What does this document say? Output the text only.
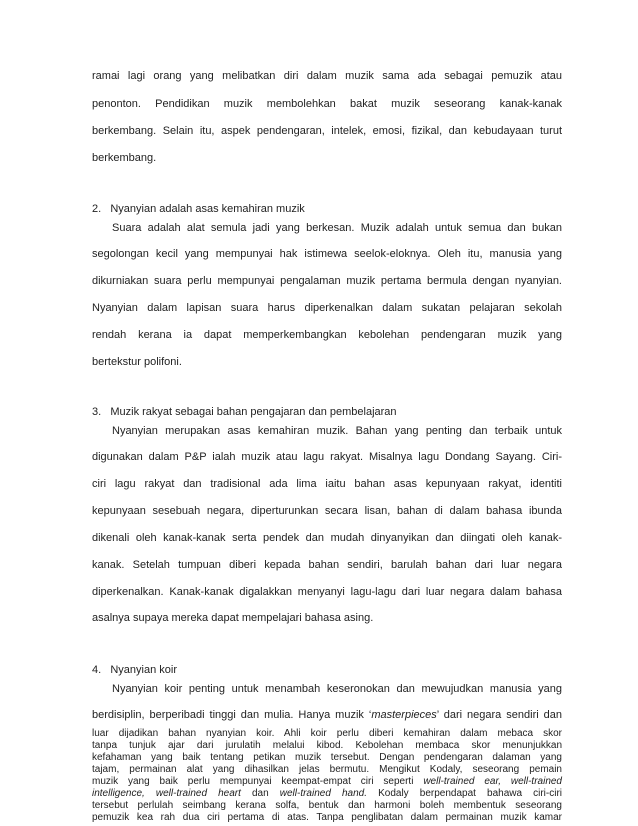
ramai lagi orang yang melibatkan diri dalam muzik sama ada sebagai pemuzik atau
penonton. Pendidikan muzik membolehkan bakat muzik seseorang kanak-kanak
berkembang. Selain itu, aspek pendengaran, intelek, emosi, fizikal, dan kebudayaan turut
berkembang.
2.   Nyanyian adalah asas kemahiran muzik
Suara adalah alat semula jadi yang berkesan. Muzik adalah untuk semua dan bukan
segolongan kecil yang mempunyai hak istimewa seelok-eloknya. Oleh itu, manusia yang
dikurniakan suara perlu mempunyai pengalaman muzik pertama bermula dengan nyanyian.
Nyanyian dalam lapisan suara harus diperkenalkan dalam sukatan pelajaran sekolah
rendah kerana ia dapat memperkembangkan kebolehan pendengaran muzik yang
bertekstur polifoni.
3.   Muzik rakyat sebagai bahan pengajaran dan pembelajaran
Nyanyian merupakan asas kemahiran muzik. Bahan yang penting dan terbaik untuk
digunakan dalam P&P ialah muzik atau lagu rakyat. Misalnya lagu Dondang Sayang. Ciri-
ciri lagu rakyat dan tradisional ada lima iaitu bahan asas kepunyaan rakyat, identiti
kepunyaan sesebuah negara, diperturunkan secara lisan, bahan di dalam bahasa ibunda
dikenali oleh kanak-kanak serta pendek dan mudah dinyanyikan dan diingati oleh kanak-
kanak. Setelah tumpuan diberi kepada bahan sendiri, barulah bahan dari luar negara
diperkenalkan. Kanak-kanak digalakkan menyanyi lagu-lagu dari luar negara dalam bahasa
asalnya supaya mereka dapat mempelajari bahasa asing.
4.   Nyanyian koir
Nyanyian koir penting untuk menambah keseronokan dan mewujudkan manusia yang
berdisiplin, berperibadi tinggi dan mulia. Hanya muzik ‘masterpieces’ dari negara sendiri dan
luar dijadikan bahan nyanyian koir. Ahli koir perlu diberi kemahiran dalam mebaca skor
tanpa tunjuk ajar dari jurulatih melalui kibod. Kebolehan membaca skor menunjukkan
kefahaman yang baik tentang petikan muzik tersebut. Dengan pendengaran dalaman yang
tajam, permainan alat yang dihasilkan jelas bermutu. Mengikut Kodaly, seseorang pemain
muzik yang baik perlu mempunyai keempat-empat ciri seperti well-trained ear, well-trained
intelligence, well-trained heart dan well-trained hand. Kodaly berpendapat bahawa ciri-ciri
tersebut perlulah seimbang kerana solfa, bentuk dan harmoni boleh membentuk seseorang
pemuzik kea rah dua ciri pertama di atas. Tanpa penglibatan dalam permainan muzik kamar
